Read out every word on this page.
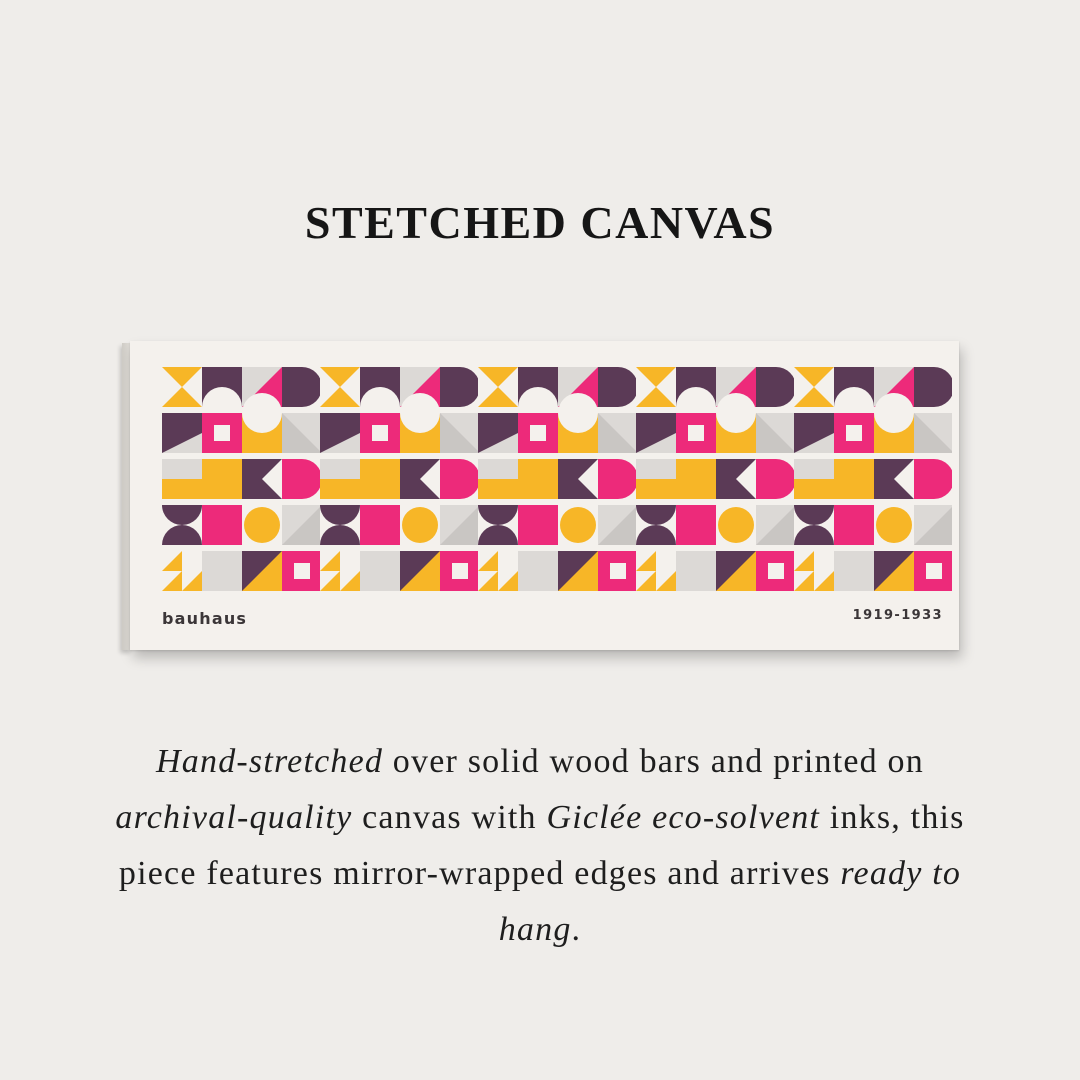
STETCHED CANVAS
bauhaus	1919-1933

Hand-stretched over solid wood bars and printed on archival-quality canvas with Giclée eco-solvent inks, this piece features mirror-wrapped edges and arrives ready to hang.
